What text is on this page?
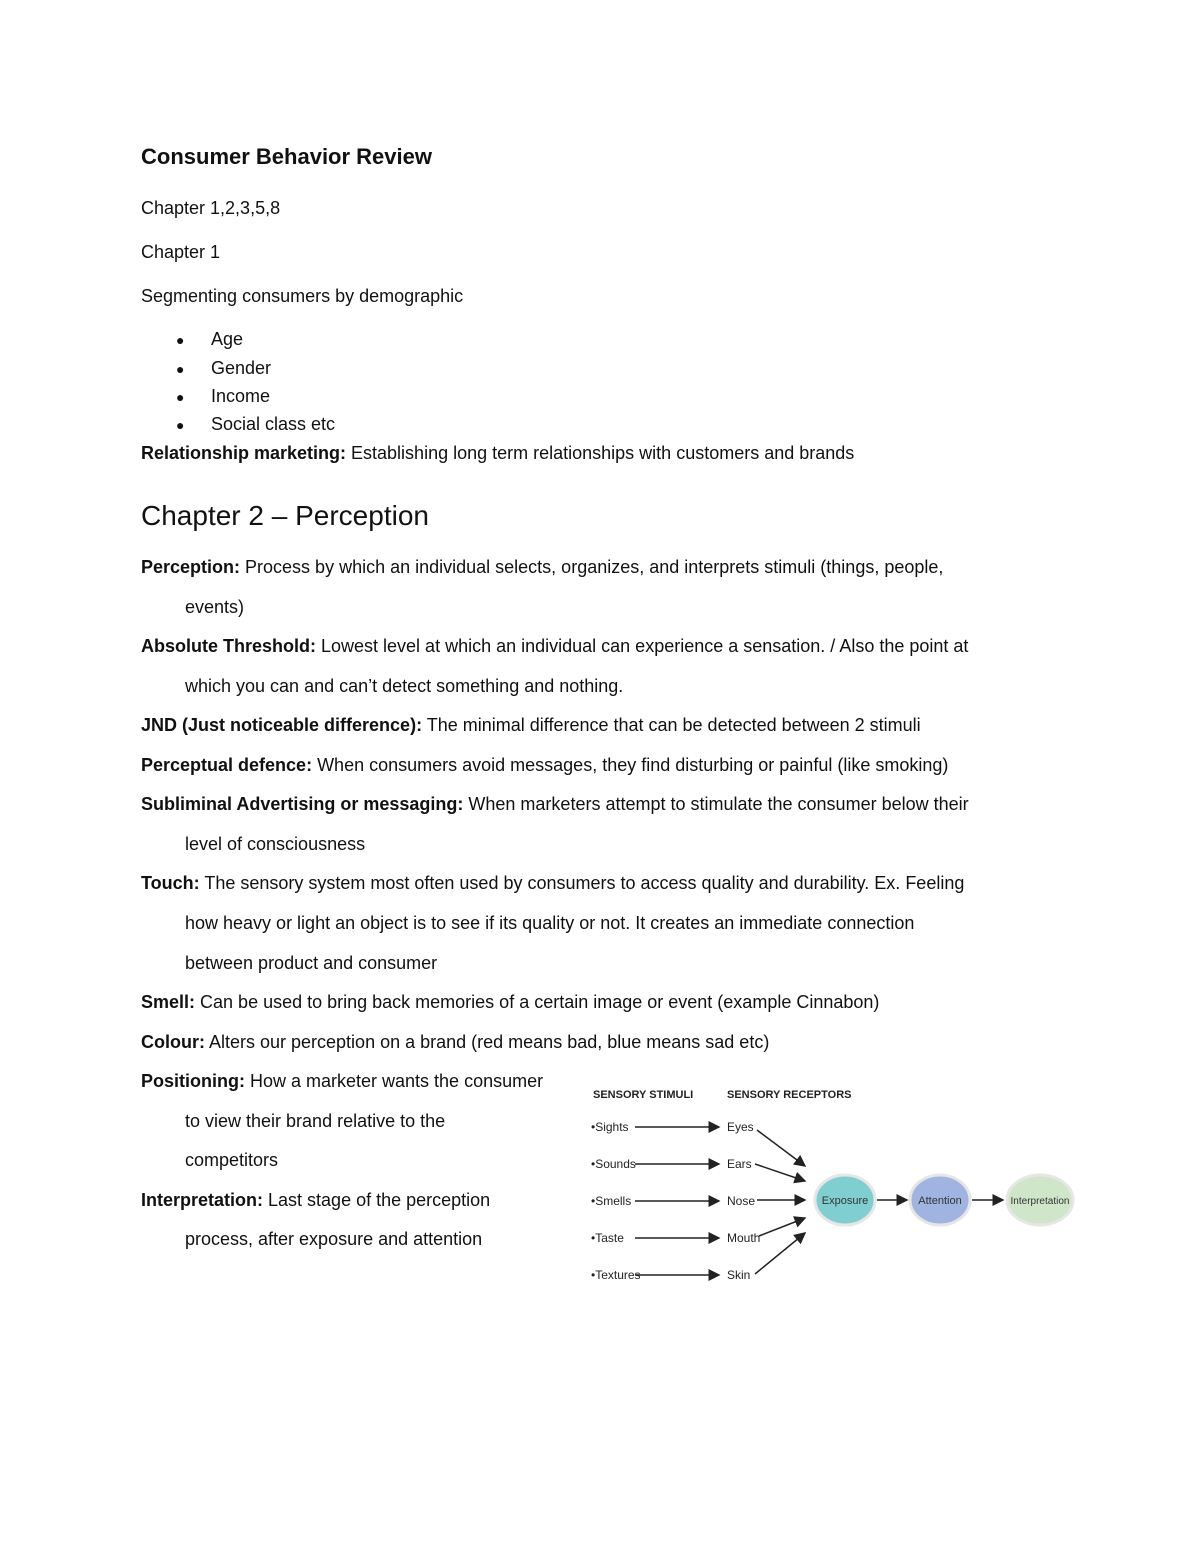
Consumer Behavior Review
Chapter 1,2,3,5,8
Chapter 1
Segmenting consumers by demographic
● Age
● Gender
● Income
● Social class etc
Relationship marketing: Establishing long term relationships with customers and brands
Chapter 2 – Perception
Perception: Process by which an individual selects, organizes, and interprets stimuli (things, people,
events)
Absolute Threshold: Lowest level at which an individual can experience a sensation. / Also the point at
which you can and can’t detect something and nothing.
JND (Just noticeable difference): The minimal difference that can be detected between 2 stimuli
Perceptual defence: When consumers avoid messages, they find disturbing or painful (like smoking)
Subliminal Advertising or messaging: When marketers attempt to stimulate the consumer below their
level of consciousness
Touch: The sensory system most often used by consumers to access quality and durability. Ex. Feeling
how heavy or light an object is to see if its quality or not. It creates an immediate connection
between product and consumer
Smell: Can be used to bring back memories of a certain image or event (example Cinnabon)
Colour: Alters our perception on a brand (red means bad, blue means sad etc)
Positioning: How a marketer wants the consumer
to view their brand relative to the
competitors
Interpretation: Last stage of the perception
process, after exposure and attention
SENSORY STIMULI	SENSORY RECEPTORS
•Sights
•Sounds
•Smells
•Taste
•Textures
Eyes
Ears
Nose
Mouth
Skin
Exposure	Attention	Interpretation
